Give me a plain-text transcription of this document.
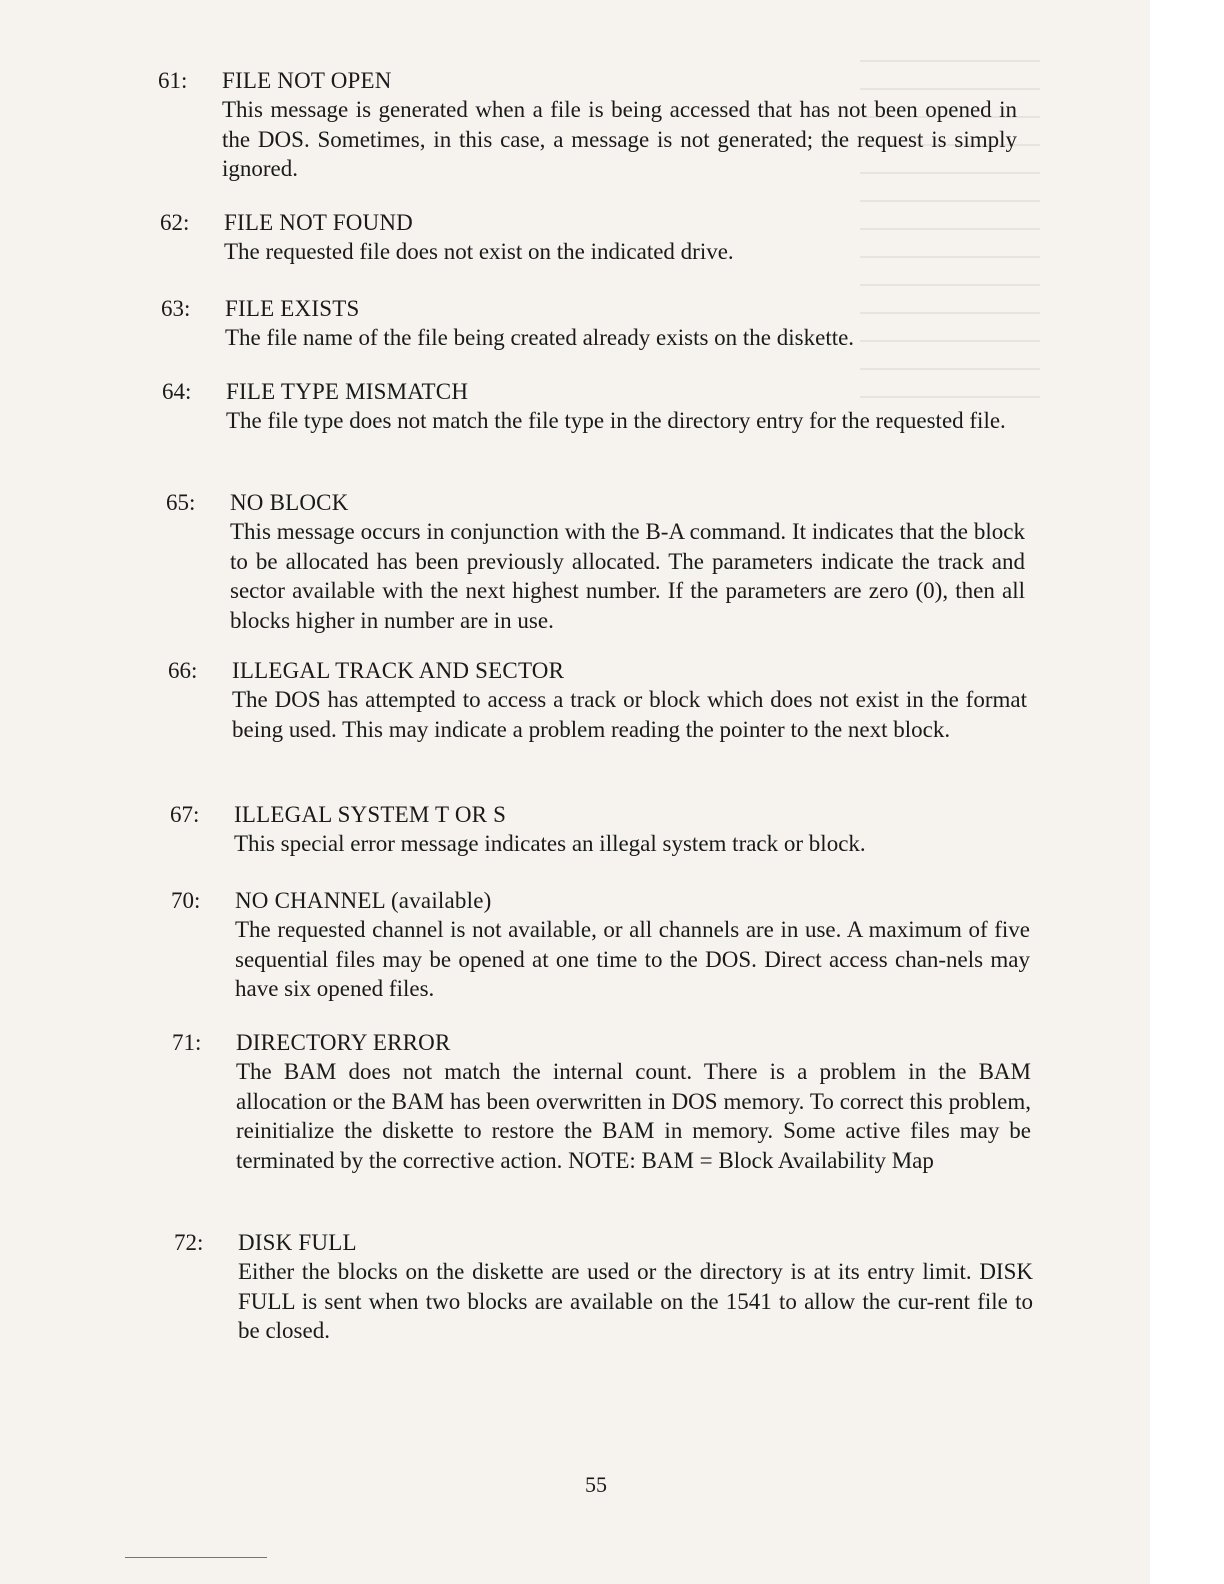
61: FILE NOT OPEN
This message is generated when a file is being accessed that has not been opened in the DOS. Sometimes, in this case, a message is not generated; the request is simply ignored.
62: FILE NOT FOUND
The requested file does not exist on the indicated drive.
63: FILE EXISTS
The file name of the file being created already exists on the diskette.
64: FILE TYPE MISMATCH
The file type does not match the file type in the directory entry for the requested file.
65: NO BLOCK
This message occurs in conjunction with the B-A command. It indicates that the block to be allocated has been previously allocated. The parameters indicate the track and sector available with the next highest number. If the parameters are zero (0), then all blocks higher in number are in use.
66: ILLEGAL TRACK AND SECTOR
The DOS has attempted to access a track or block which does not exist in the format being used. This may indicate a problem reading the pointer to the next block.
67: ILLEGAL SYSTEM T OR S
This special error message indicates an illegal system track or block.
70: NO CHANNEL (available)
The requested channel is not available, or all channels are in use. A maximum of five sequential files may be opened at one time to the DOS. Direct access chan-nels may have six opened files.
71: DIRECTORY ERROR
The BAM does not match the internal count. There is a problem in the BAM allocation or the BAM has been overwritten in DOS memory. To correct this problem, reinitialize the diskette to restore the BAM in memory. Some active files may be terminated by the corrective action. NOTE: BAM = Block Availability Map
72: DISK FULL
Either the blocks on the diskette are used or the directory is at its entry limit. DISK FULL is sent when two blocks are available on the 1541 to allow the cur-rent file to be closed.
55
